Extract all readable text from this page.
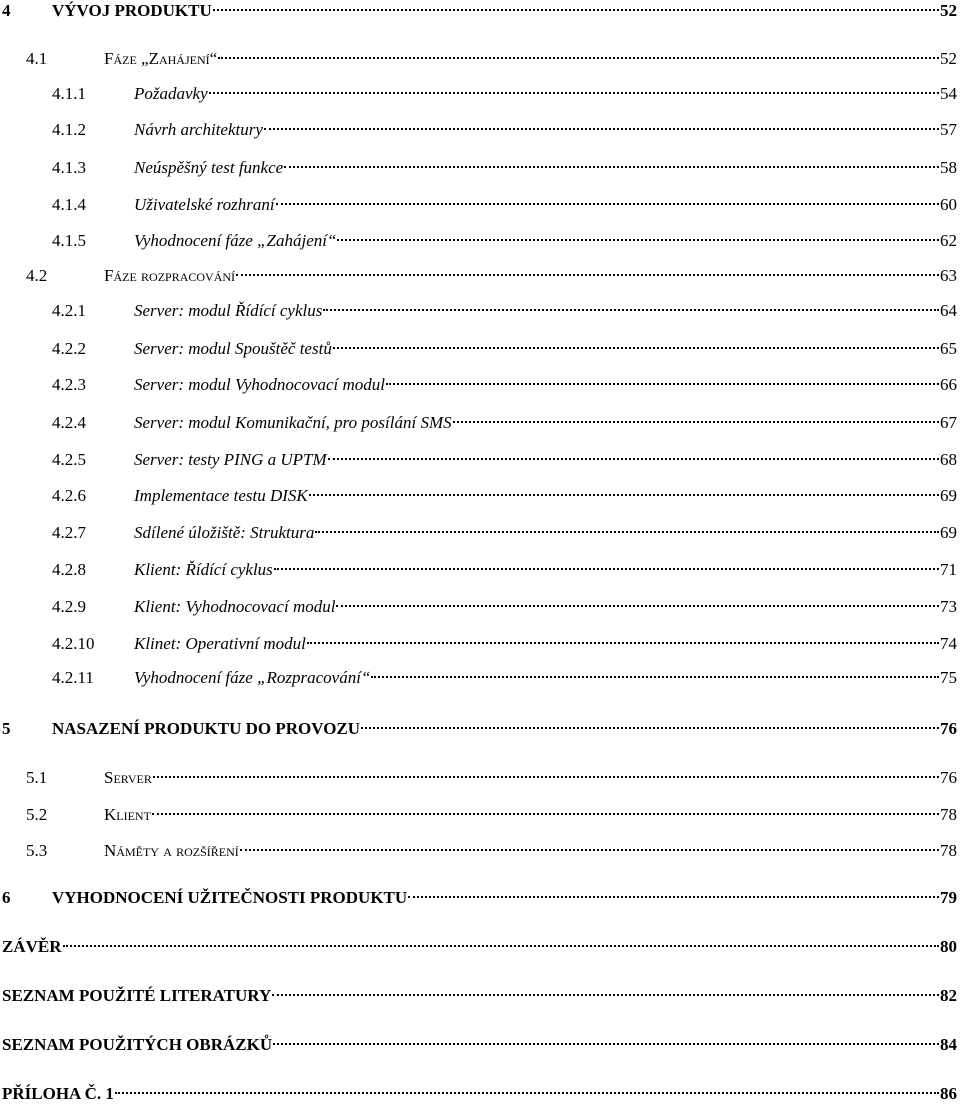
4	VÝVOJ PRODUKTU	52
4.1	Fáze „Zahájení“	52
4.1.1	Požadavky	54
4.1.2	Návrh architektury	57
4.1.3	Neúspěšný test funkce	58
4.1.4	Uživatelské rozhraní	60
4.1.5	Vyhodnocení fáze „Zahájení“	62
4.2	Fáze rozpracování	63
4.2.1	Server: modul Řídící cyklus	64
4.2.2	Server: modul Spouštěč testů	65
4.2.3	Server: modul Vyhodnocovací modul	66
4.2.4	Server: modul Komunikační, pro posílání SMS	67
4.2.5	Server: testy PING a UPTM	68
4.2.6	Implementace testu DISK	69
4.2.7	Sdílené úložiště: Struktura	69
4.2.8	Klient: Řídící cyklus	71
4.2.9	Klient: Vyhodnocovací modul	73
4.2.10	Klinet: Operativní modul	74
4.2.11	Vyhodnocení fáze „Rozpracování“	75
5	NASAZENÍ PRODUKTU DO PROVOZU	76
5.1	Server	76
5.2	Klient	78
5.3	Náměty a rozšíření	78
6	VYHODNOCENÍ UŽITEČNOSTI PRODUKTU	79
ZÁVĚR	80
SEZNAM POUŽITÉ LITERATURY	82
SEZNAM POUŽITÝCH OBRÁZKŮ	84
PŘÍLOHA Č. 1	86
